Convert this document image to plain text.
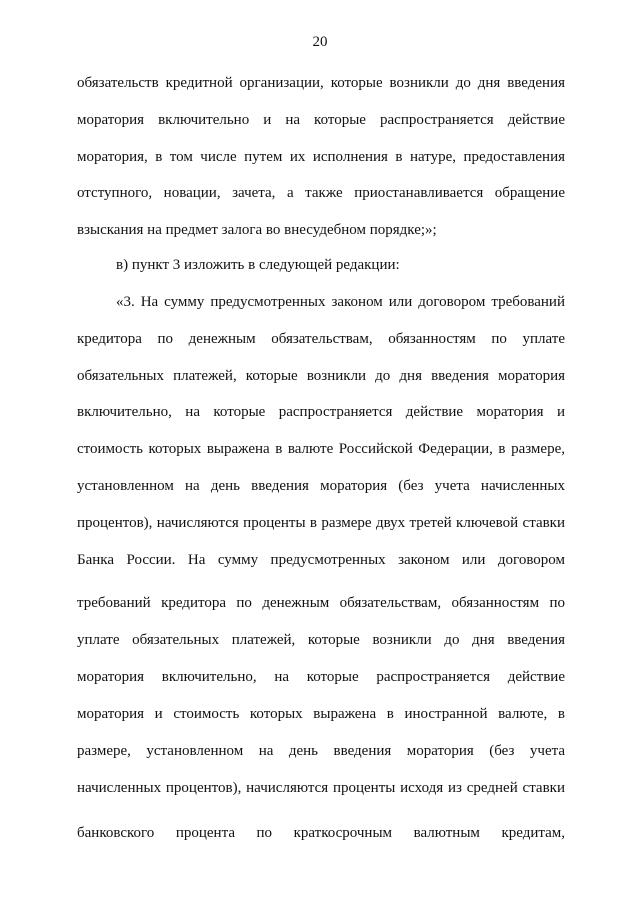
20
обязательств кредитной организации, которые возникли до дня введения
моратория включительно и на которые распространяется действие
моратория, в том числе путем их исполнения в натуре, предоставления
отступного, новации, зачета, а также приостанавливается обращение
взыскания на предмет залога во внесудебном порядке;»;
в) пункт 3 изложить в следующей редакции:
«3. На сумму предусмотренных законом или договором требований
кредитора по денежным обязательствам, обязанностям по уплате
обязательных платежей, которые возникли до дня введения моратория
включительно, на которые распространяется действие моратория и
стоимость которых выражена в валюте Российской Федерации, в размере,
установленном на день введения моратория (без учета начисленных
процентов), начисляются проценты в размере двух третей ключевой ставки
Банка России. На сумму предусмотренных законом или договором
требований кредитора по денежным обязательствам, обязанностям по
уплате обязательных платежей, которые возникли до дня введения
моратория включительно, на которые распространяется действие
моратория и стоимость которых выражена в иностранной валюте, в
размере, установленном на день введения моратория (без учета
начисленных процентов), начисляются проценты исходя из средней ставки
банковского процента по краткосрочным валютным кредитам,
